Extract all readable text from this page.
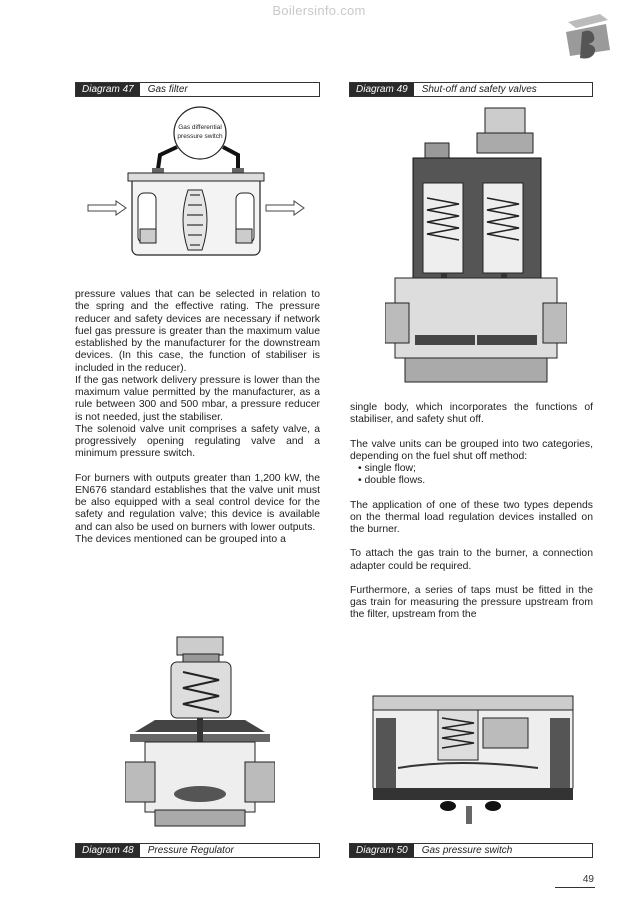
Boilersinfo.com
Diagram 47	Gas filter	Diagram 49	Shut-off and safety valves
Gas differential
pressure switch

pressure values that can be selected in relation to the spring and the effective rating. The pressure reducer and safety devices are necessary if network fuel gas pressure is greater than the maximum value established by the manufacturer for the downstream devices. (In this case, the function of stabiliser is included in the reducer).

If the gas network delivery pressure is lower than the maximum value permitted by the manufacturer, as a rule between 300 and 500 mbar, a pressure reducer is not needed, just the stabiliser.

The solenoid valve unit comprises a safety valve, a progressively opening regulating valve and a minimum pressure switch.

For burners with outputs greater than 1,200 kW, the EN676 standard establishes that the valve unit must be also equipped with a seal control device for the safety and regulation valve; this device is available and can also be used on burners with lower outputs.

The devices mentioned can be grouped into a

Diagram 48	Pressure Regulator

single body, which incorporates the functions of stabiliser, and safety shut off.

The valve units can be grouped into two categories, depending on the fuel shut off method:

• single flow;

• double flows.

The application of one of these two types depends on the thermal load regulation devices installed on the burner.

To attach the gas train to the burner, a connection adapter could be required.

Furthermore, a series of taps must be fitted in the gas train for measuring the pressure upstream from the filter, upstream from the

Diagram 50	Gas pressure switch
49
